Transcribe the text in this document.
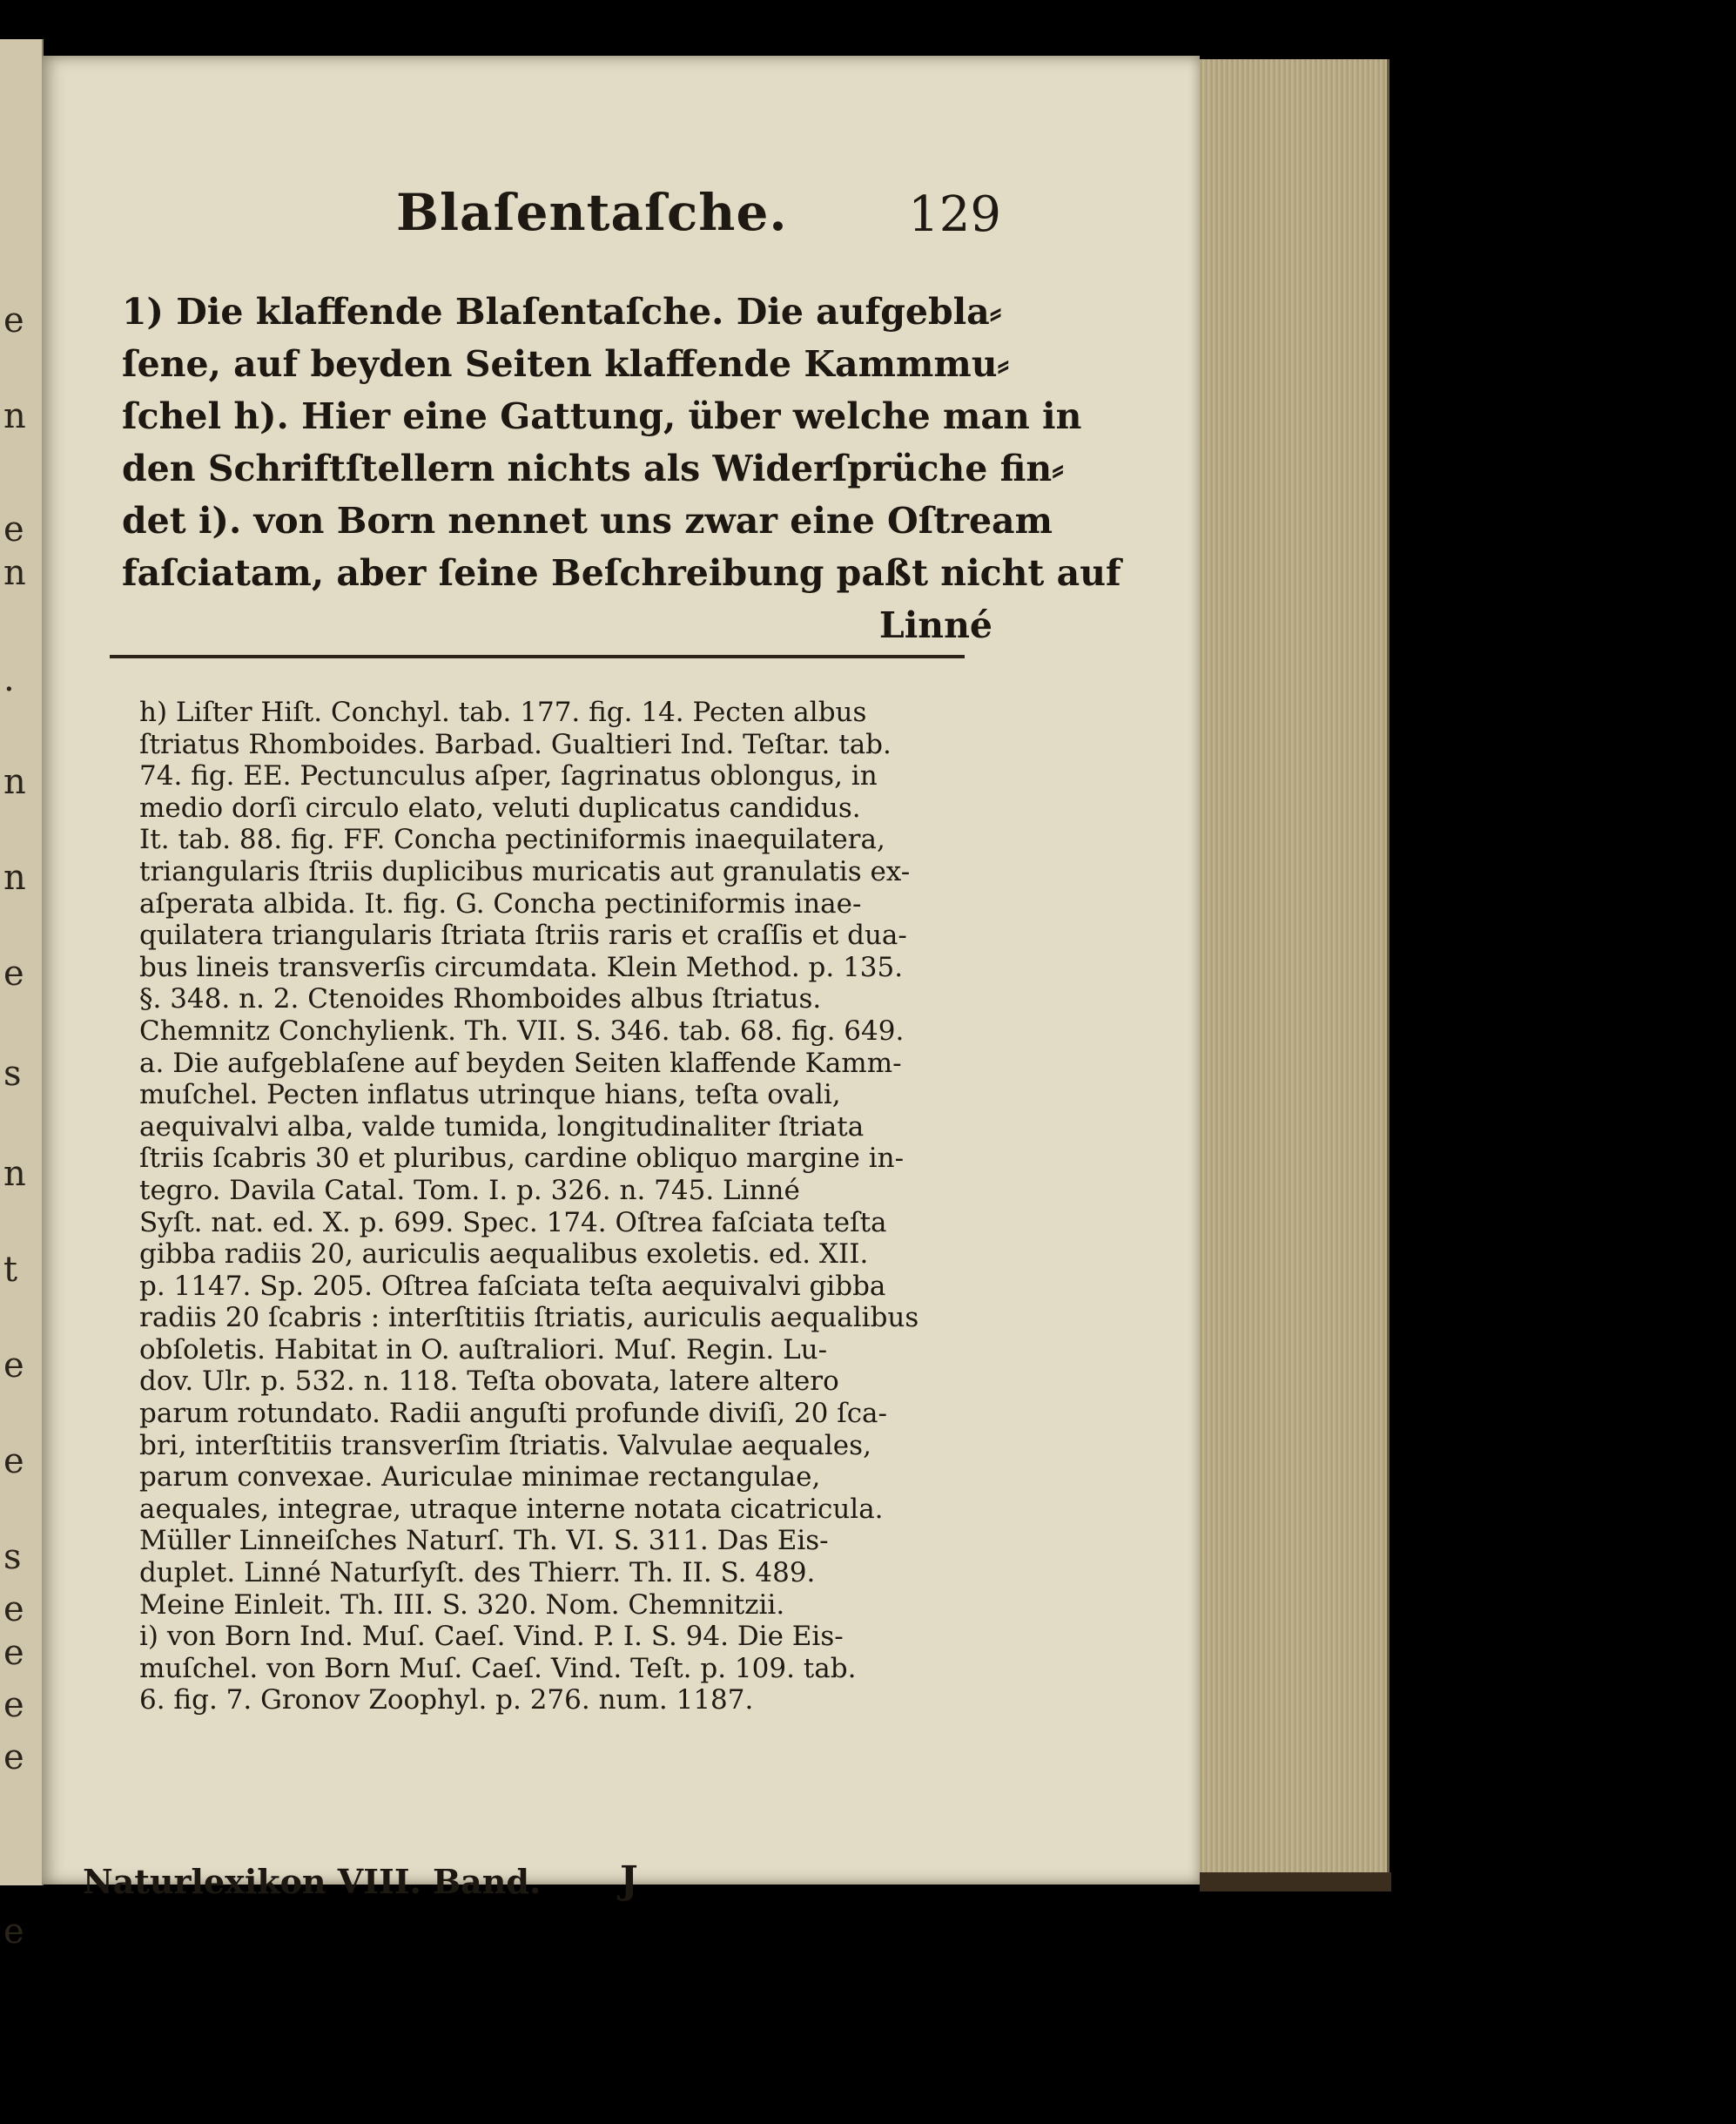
e
n
e
n
.
n
n
e
s
n
t
e
e
s
e
e
e
e
e
Blaſentaſche. 129
1) Die klaffende Blaſentaſche. Die aufgebla⸗
ſene, auf beyden Seiten klaffende Kammmu⸗
ſchel h). Hier eine Gattung, über welche man in
den Schriftſtellern nichts als Widerſprüche fin⸗
det i). von Born nennet uns zwar eine Oſtream
faſciatam, aber ſeine Beſchreibung paßt nicht auf
Linné
h) Liſter Hiſt. Conchyl. tab. 177. fig. 14. Pecten albus
ſtriatus Rhomboides. Barbad. Gualtieri Ind. Teſtar. tab.
74. fig. EE. Pectunculus aſper, ſagrinatus oblongus, in
medio dorſi circulo elato, veluti duplicatus candidus.
It. tab. 88. fig. FF. Concha pectiniformis inaequilatera,
triangularis ſtriis duplicibus muricatis aut granulatis ex-
aſperata albida. It. fig. G. Concha pectiniformis inae-
quilatera triangularis ſtriata ſtriis raris et craſſis et dua-
bus lineis transverſis circumdata. Klein Method. p. 135.
§. 348. n. 2. Ctenoides Rhomboides albus ſtriatus.
Chemnitz Conchylienk. Th. VII. S. 346. tab. 68. fig. 649.
a. Die aufgeblaſene auf beyden Seiten klaffende Kamm-
muſchel. Pecten inflatus utrinque hians, teſta ovali,
aequivalvi alba, valde tumida, longitudinaliter ſtriata
ſtriis ſcabris 30 et pluribus, cardine obliquo margine in-
tegro. Davila Catal. Tom. I. p. 326. n. 745. Linné
Syſt. nat. ed. X. p. 699. Spec. 174. Oſtrea faſciata teſta
gibba radiis 20, auriculis aequalibus exoletis. ed. XII.
p. 1147. Sp. 205. Oſtrea faſciata teſta aequivalvi gibba
radiis 20 ſcabris : interſtitiis ſtriatis, auriculis aequalibus
obſoletis. Habitat in O. auſtraliori. Muſ. Regin. Lu-
dov. Ulr. p. 532. n. 118. Teſta obovata, latere altero
parum rotundato. Radii anguſti profunde diviſi, 20 ſca-
bri, interſtitiis transverſim ſtriatis. Valvulae aequales,
parum convexae. Auriculae minimae rectangulae,
aequales, integrae, utraque interne notata cicatricula.
Müller Linneiſches Naturſ. Th. VI. S. 311. Das Eis-
duplet. Linné Naturſyſt. des Thierr. Th. II. S. 489.
Meine Einleit. Th. III. S. 320. Nom. Chemnitzii.
i) von Born Ind. Muſ. Caeſ. Vind. P. I. S. 94. Die Eis-
muſchel. von Born Muſ. Caeſ. Vind. Teſt. p. 109. tab.
6. fig. 7. Gronov Zoophyl. p. 276. num. 1187.
Naturlexikon VIII. Band. J
